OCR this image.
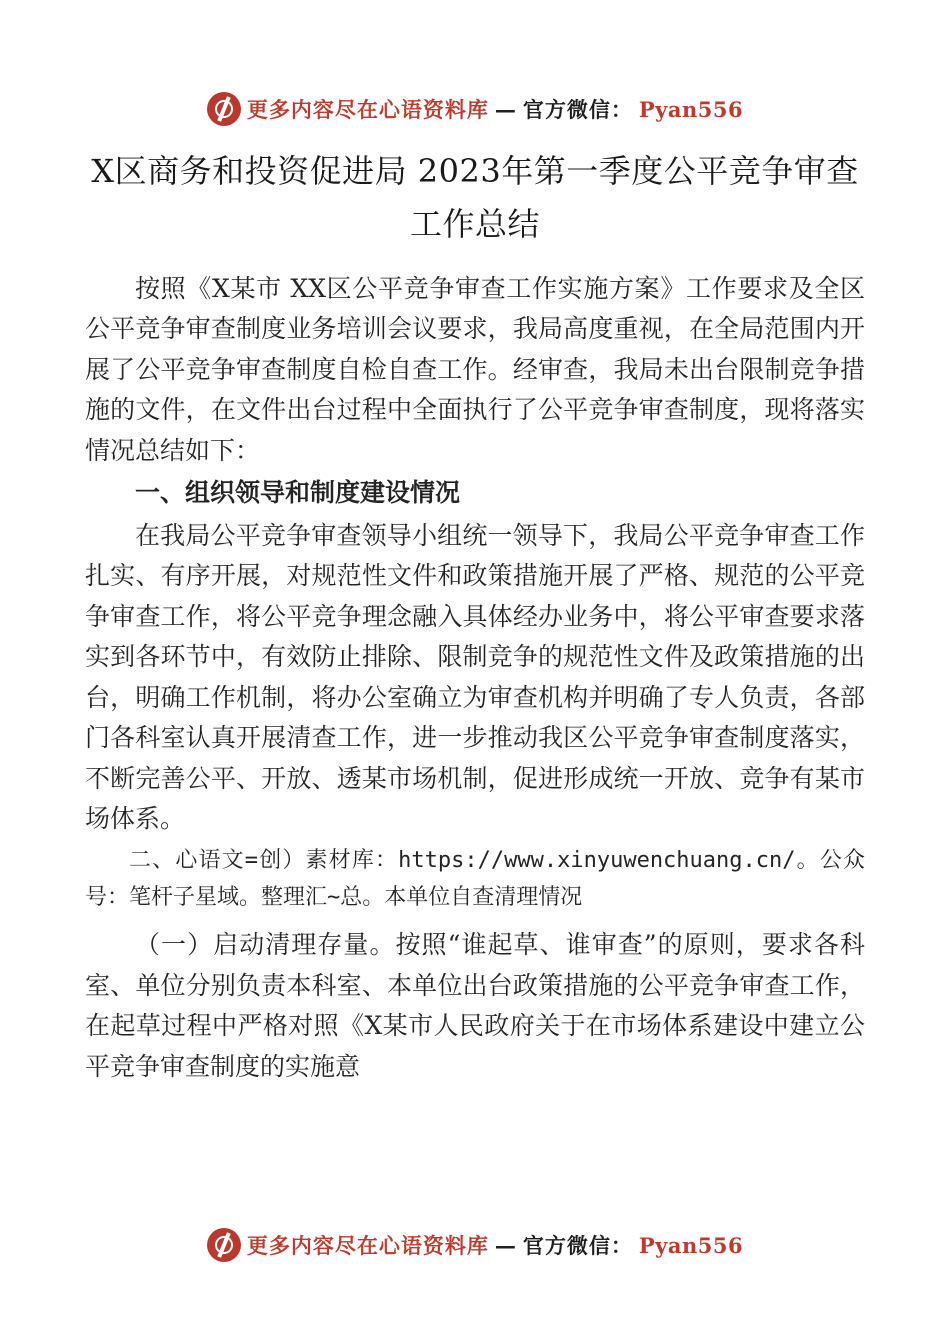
更多内容尽在心语资料库 — 官方微信： Pyan556
X区商务和投资促进局 2023年第一季度公平竞争审查工作总结

按照《X某市 XX区公平竞争审查工作实施方案》工作要求及全区公平竞争审查制度业务培训会议要求，我局高度重视，在全局范围内开展了公平竞争审查制度自检自查工作。经审查，我局未出台限制竞争措施的文件，在文件出台过程中全面执行了公平竞争审查制度，现将落实情况总结如下：

一、组织领导和制度建设情况

在我局公平竞争审查领导小组统一领导下，我局公平竞争审查工作扎实、有序开展，对规范性文件和政策措施开展了严格、规范的公平竞争审查工作，将公平竞争理念融入具体经办业务中，将公平审查要求落实到各环节中，有效防止排除、限制竞争的规范性文件及政策措施的出台，明确工作机制，将办公室确立为审查机构并明确了专人负责，各部门各科室认真开展清查工作，进一步推动我区公平竞争审查制度落实，不断完善公平、开放、透某市场机制，促进形成统一开放、竞争有某市场体系。

二、心语文=创）素材库：https://www.xinyuwenchuang.cn/。公众号：笔杆子星域。整理汇~总。本单位自查清理情况

（一）启动清理存量。按照“谁起草、谁审查”的原则，要求各科室、单位分别负责本科室、本单位出台政策措施的公平竞争审查工作，在起草过程中严格对照《X某市人民政府关于在市场体系建设中建立公平竞争审查制度的实施意

更多内容尽在心语资料库 — 官方微信： Pyan556
